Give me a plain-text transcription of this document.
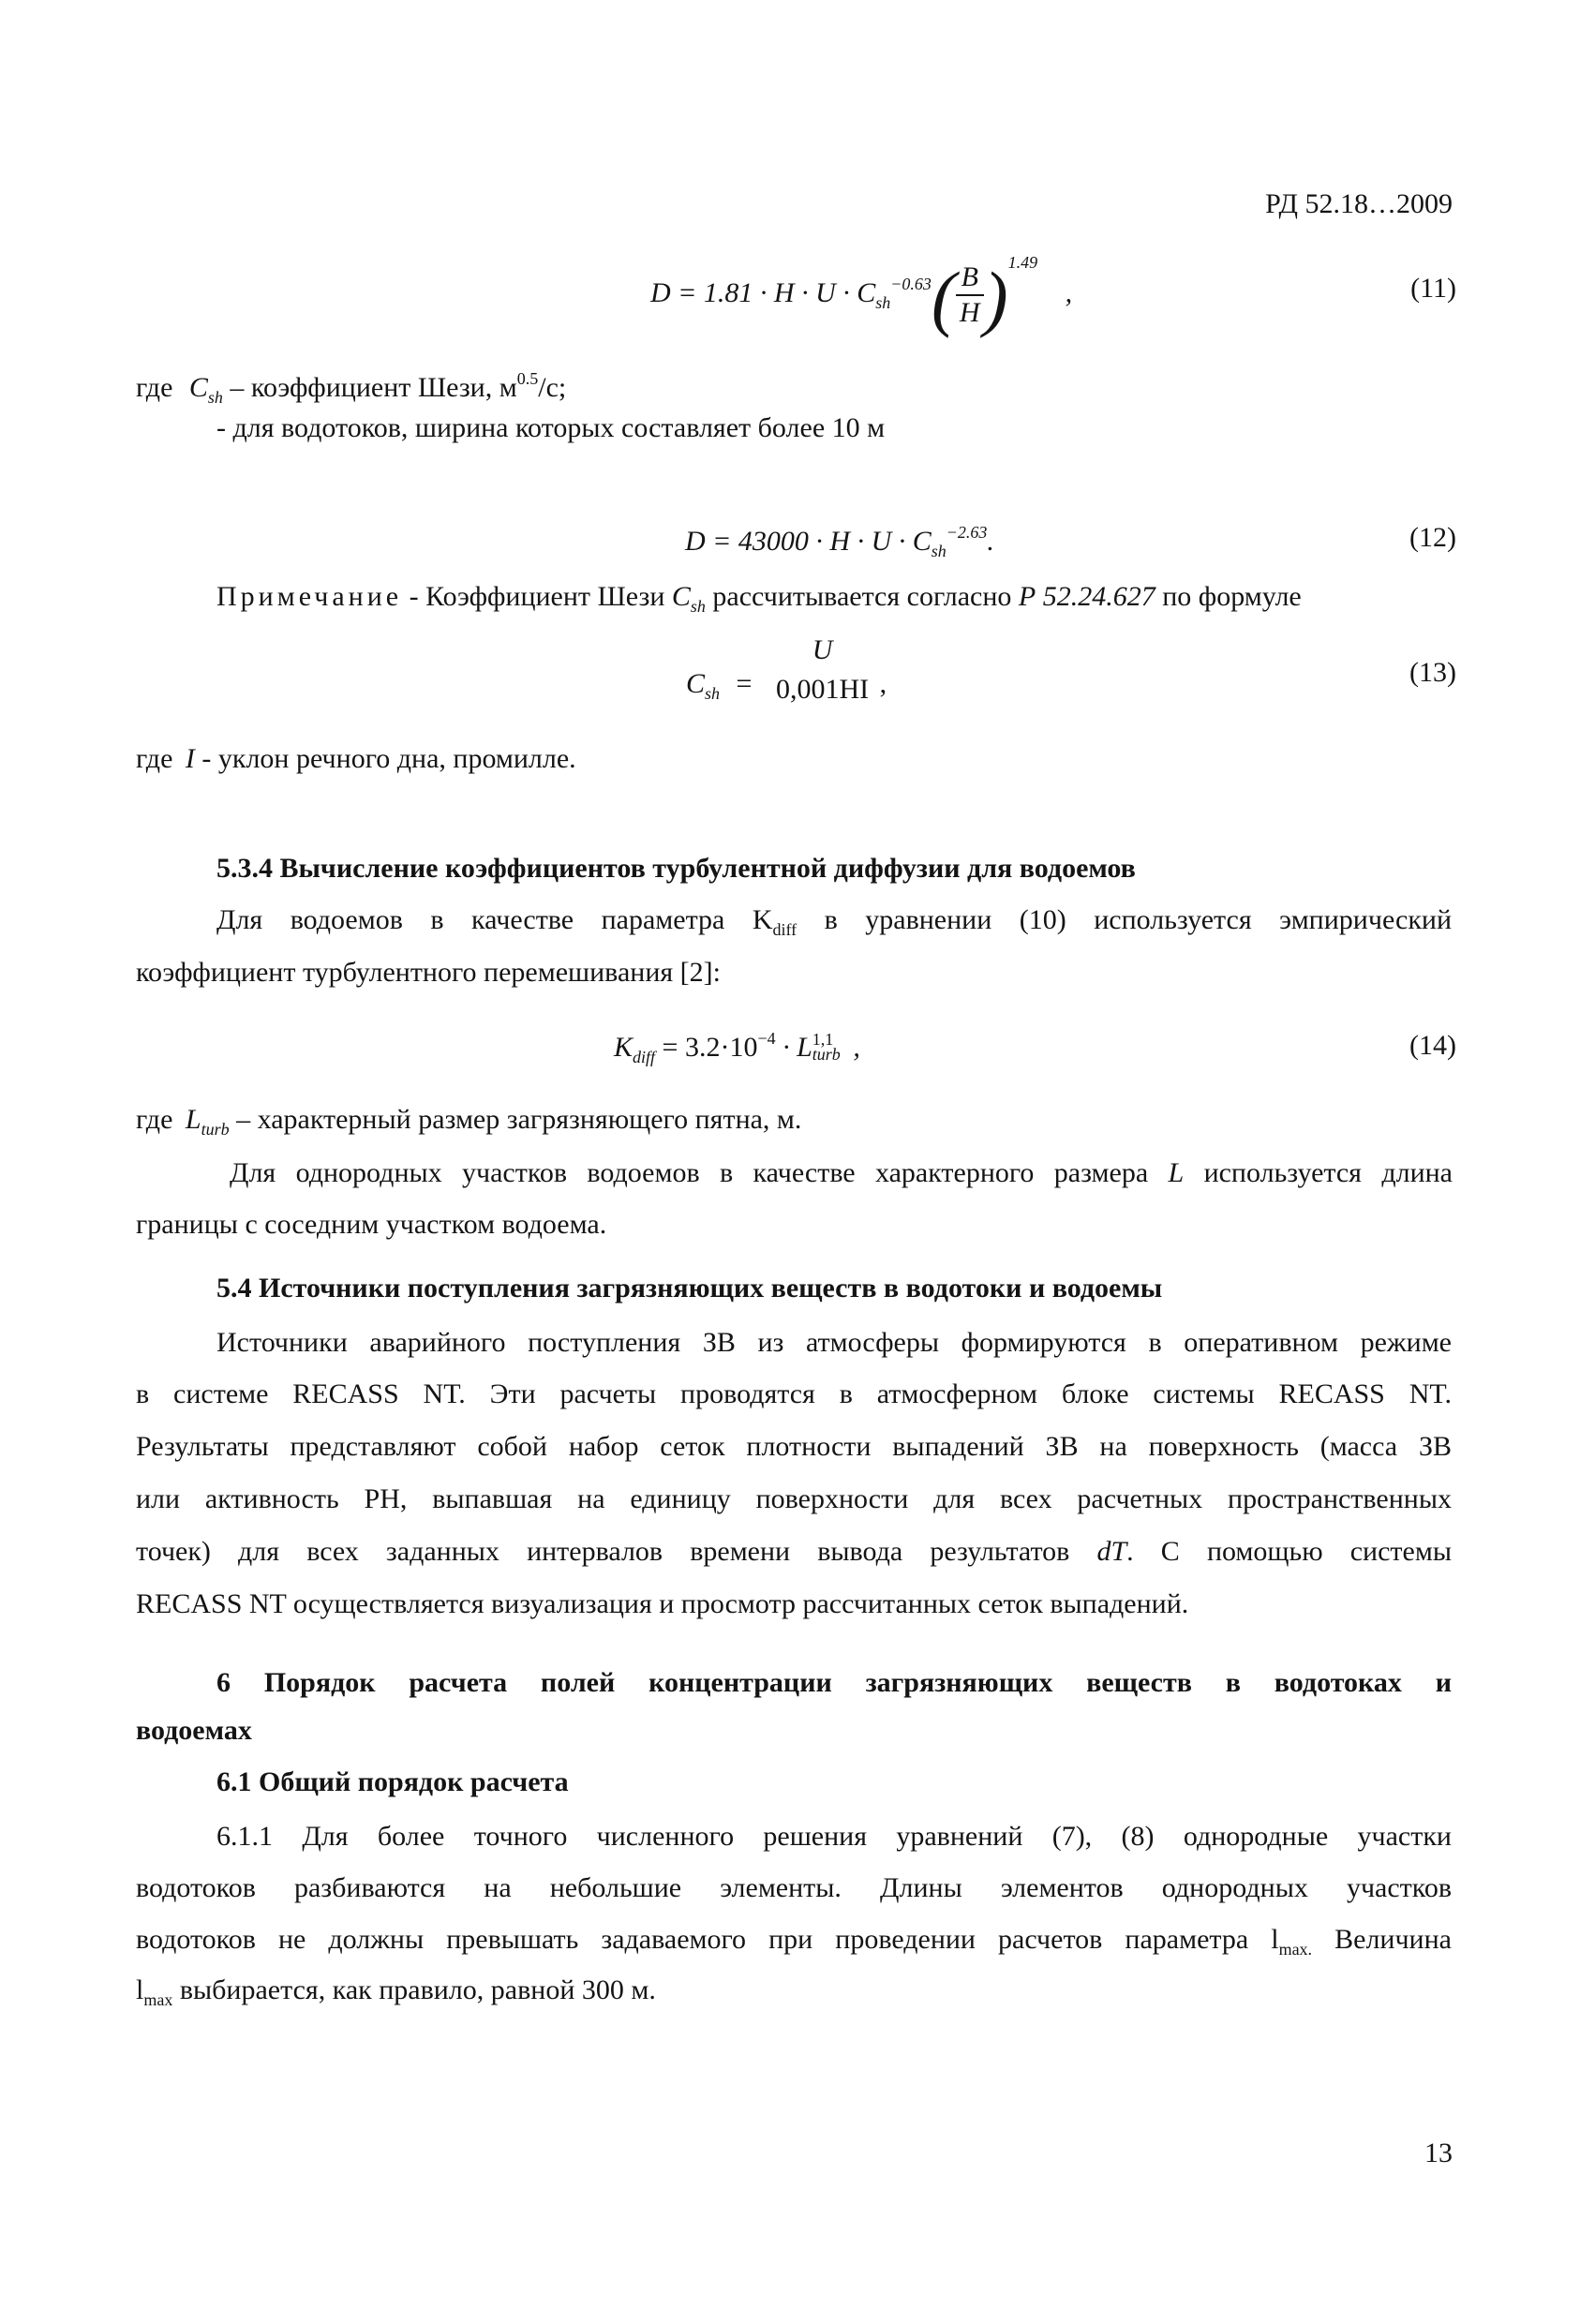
РД 52.18…2009
$D = 1.81 \cdot H \cdot U \cdot C_{sh}^{-0.63}( \frac{B}{H} )^{1.49}$ ,	(11)
где $C_{sh}$ – коэффициент Шези, $м^{0.5}/с$;
- для водотоков, ширина которых составляет более 10 м
$D = 43000 \cdot H \cdot U \cdot C_{sh}^{-2.63}$.	(12)
Примечание - Коэффициент Шези $C_{sh}$ рассчитывается согласно Р 52.24.627 по формуле
$C_{sh}$ =
U
0,001HI ,	(13)
где I - уклон речного дна, промилле.
5.3.4 Вычисление коэффициентов турбулентной диффузии для водоемов
Для водоемов в качестве параметра $K_{diff}$ в уравнении (10) используется эмпирический
коэффициент турбулентного перемешивания [2]:
$K_{diff} = 3.2\cdot 10^{-4} \cdot L$ 1,1
turb ,	(14)
где $L_{turb}$ – характерный размер загрязняющего пятна, м.
Для однородных участков водоемов в качестве характерного размера L используется длина
границы с соседним участком водоема.
5.4 Источники поступления загрязняющих веществ в водотоки и водоемы
Источники аварийного поступления ЗВ из атмосферы формируются в оперативном режиме
в системе RECASS NT. Эти расчеты проводятся в атмосферном блоке системы RECASS NT.
Результаты представляют собой набор сеток плотности выпадений ЗВ на поверхность (масса ЗВ
или активность РН, выпавшая на единицу поверхности для всех расчетных пространственных
точек) для всех заданных интервалов времени вывода результатов dT. С помощью системы
RECASS NT осуществляется визуализация и просмотр рассчитанных сеток выпадений.
6 Порядок расчета полей концентрации загрязняющих веществ в водотоках и
водоемах
6.1 Общий порядок расчета
6.1.1 Для более точного численного решения уравнений (7), (8) однородные участки
водотоков разбиваются на небольшие элементы. Длины элементов однородных участков
водотоков не должны превышать задаваемого при проведении расчетов параметра $l_{max.}$ Величина
$l_{max}$ выбирается, как правило, равной 300 м.
13
